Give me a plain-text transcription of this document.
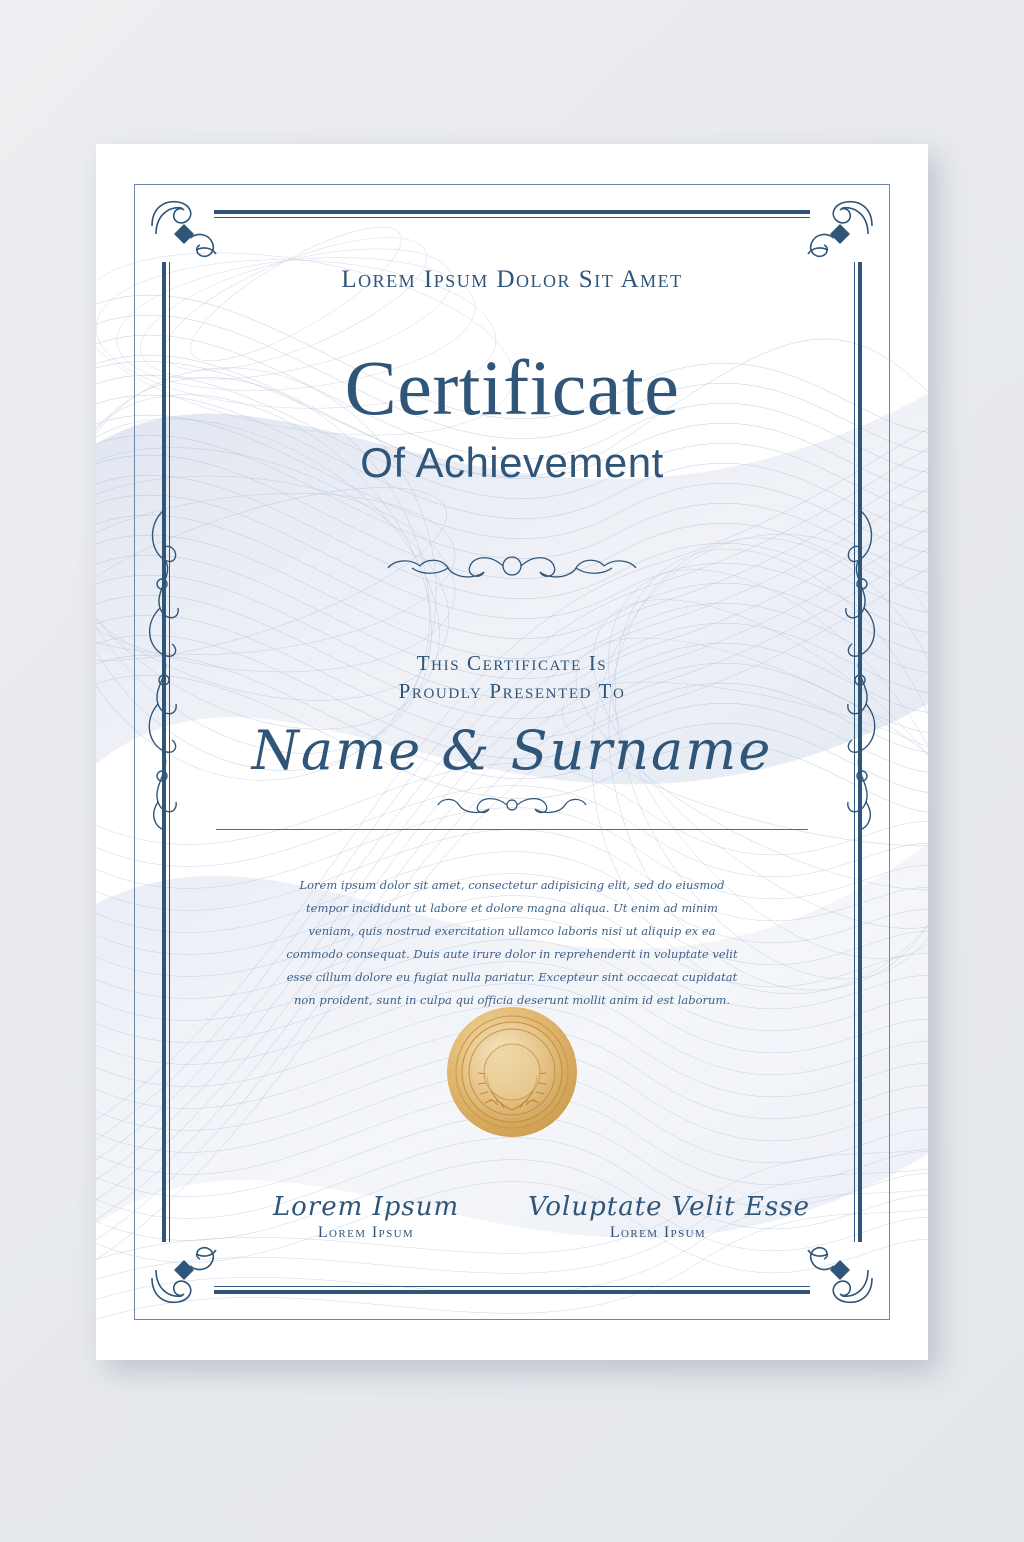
Lorem Ipsum Dolor Sit Amet
Certificate
Of Achievement
This Certificate Is
Proudly Presented To
Name & Surname
Lorem ipsum dolor sit amet, consectetur adipisicing elit, sed do eiusmod tempor incididunt ut labore et dolore magna aliqua. Ut enim ad minim veniam, quis nostrud exercitation ullamco laboris nisi ut aliquip ex ea commodo consequat. Duis aute irure dolor in reprehenderit in voluptate velit esse cillum dolore eu fugiat nulla pariatur. Excepteur sint occaecat cupidatat non proident, sunt in culpa qui officia deserunt mollit anim id est laborum.
Lorem Ipsum
Lorem Ipsum
Voluptate Velit Esse
Lorem Ipsum
